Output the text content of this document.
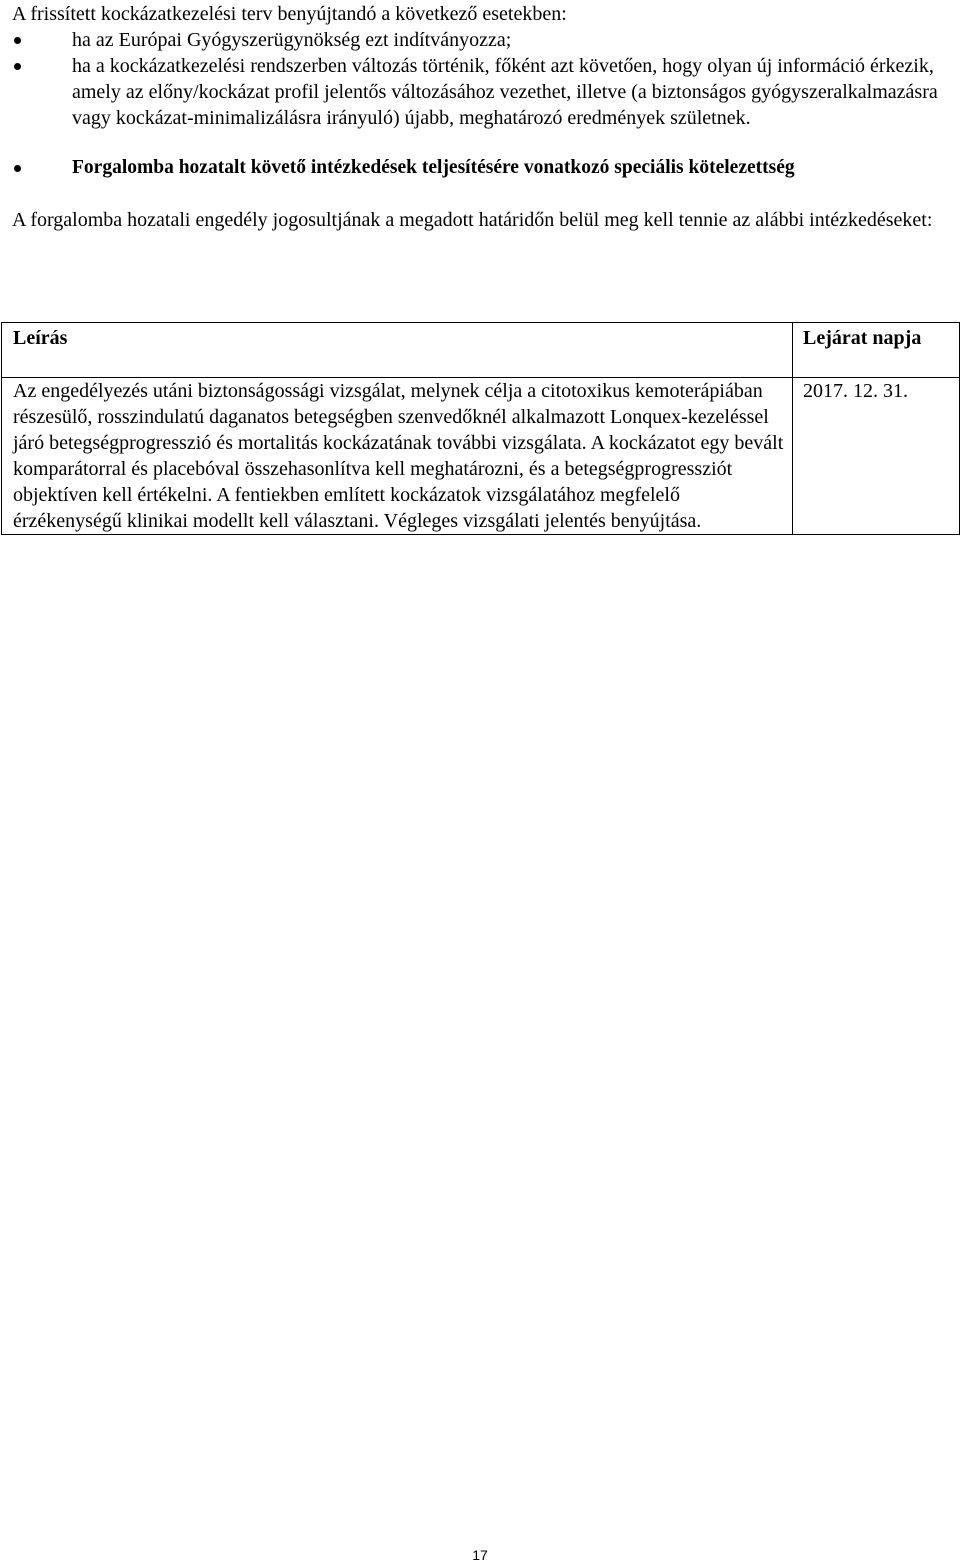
A frissített kockázatkezelési terv benyújtandó a következő esetekben:

ha az Európai Gyógyszerügynökség ezt indítványozza;
ha a kockázatkezelési rendszerben változás történik, főként azt követően, hogy olyan új információ érkezik, amely az előny/kockázat profil jelentős változásához vezethet, illetve (a biztonságos gyógyszeralkalmazásra vagy kockázat-minimalizálásra irányuló) újabb, meghatározó eredmények születnek.
Forgalomba hozatalt követő intézkedések teljesítésére vonatkozó speciális kötelezettség

A forgalomba hozatali engedély jogosultjának a megadott határidőn belül meg kell tennie az alábbi intézkedéseket:

Leírás	Lejárat napja
Az engedélyezés utáni biztonságossági vizsgálat, melynek célja a citotoxikus kemoterápiában részesülő, rosszindulatú daganatos betegségben szenvedőknél alkalmazott Lonquex-kezeléssel járó betegségprogresszió és mortalitás kockázatának további vizsgálata. A kockázatot egy bevált komparátorral és placebóval összehasonlítva kell meghatározni, és a betegségprogressziót objektíven kell értékelni. A fentiekben említett kockázatok vizsgálatához megfelelő érzékenységű klinikai modellt kell választani. Végleges vizsgálati jelentés benyújtása.	2017. 12. 31.
17
